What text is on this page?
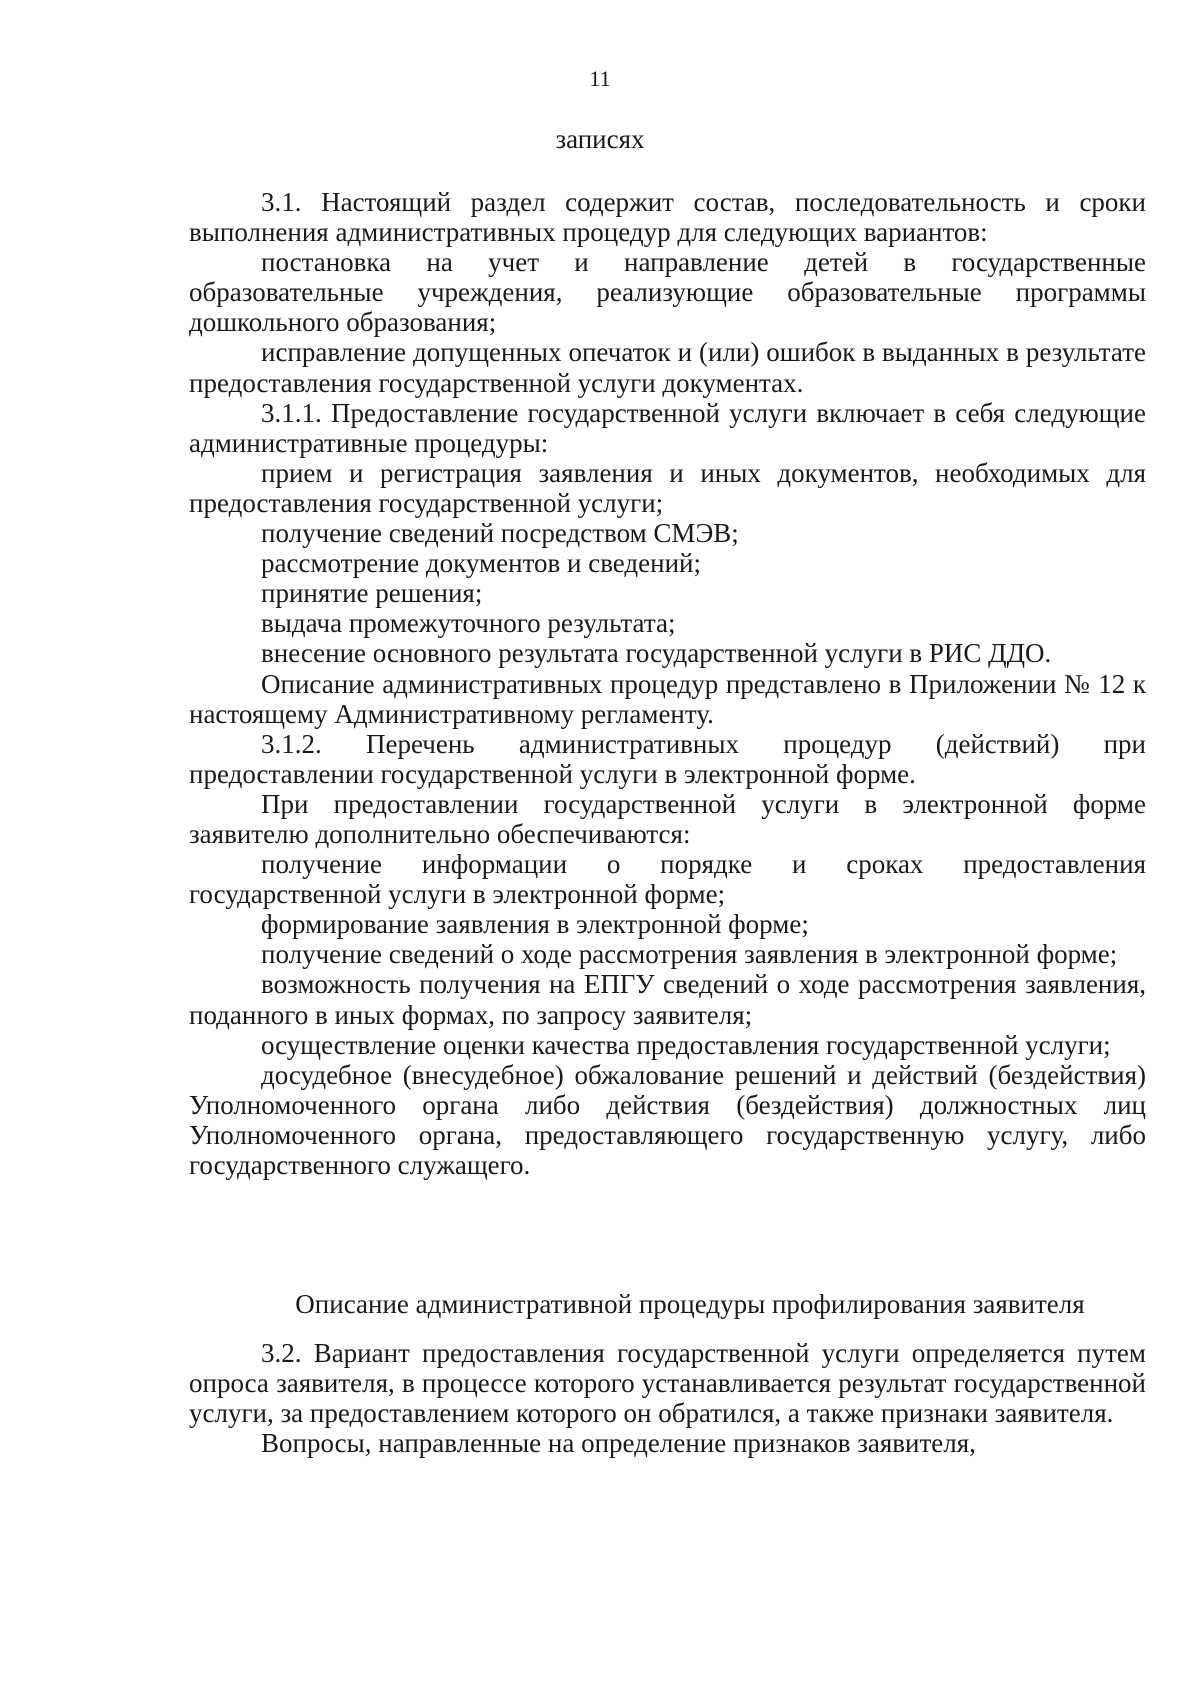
11
записях

3.1. Настоящий раздел содержит состав, последовательность и сроки выполнения административных процедур для следующих вариантов:

постановка на учет и направление детей в государственные образовательные учреждения, реализующие образовательные программы дошкольного образования;

исправление допущенных опечаток и (или) ошибок в выданных в результате предоставления государственной услуги документах.

3.1.1. Предоставление государственной услуги включает в себя следующие административные процедуры:

прием и регистрация заявления и иных документов, необходимых для предоставления государственной услуги;

получение сведений посредством СМЭВ;

рассмотрение документов и сведений;

принятие решения;

выдача промежуточного результата;

внесение основного результата государственной услуги в РИС ДДО.

Описание административных процедур представлено в Приложении № 12 к настоящему Административному регламенту.

3.1.2. Перечень административных процедур (действий) при предоставлении государственной услуги в электронной форме.

При предоставлении государственной услуги в электронной форме заявителю дополнительно обеспечиваются:

получение информации о порядке и сроках предоставления государственной услуги в электронной форме;

формирование заявления в электронной форме;

получение сведений о ходе рассмотрения заявления в электронной форме;

возможность получения на ЕПГУ сведений о ходе рассмотрения заявления, поданного в иных формах, по запросу заявителя;

осуществление оценки качества предоставления государственной услуги;

досудебное (внесудебное) обжалование решений и действий (бездействия) Уполномоченного органа либо действия (бездействия) должностных лиц Уполномоченного органа, предоставляющего государственную услугу, либо государственного служащего.

Описание административной процедуры профилирования заявителя

3.2. Вариант предоставления государственной услуги определяется путем опроса заявителя, в процессе которого устанавливается результат государственной услуги, за предоставлением которого он обратился, а также признаки заявителя.

Вопросы, направленные на определение признаков заявителя,
